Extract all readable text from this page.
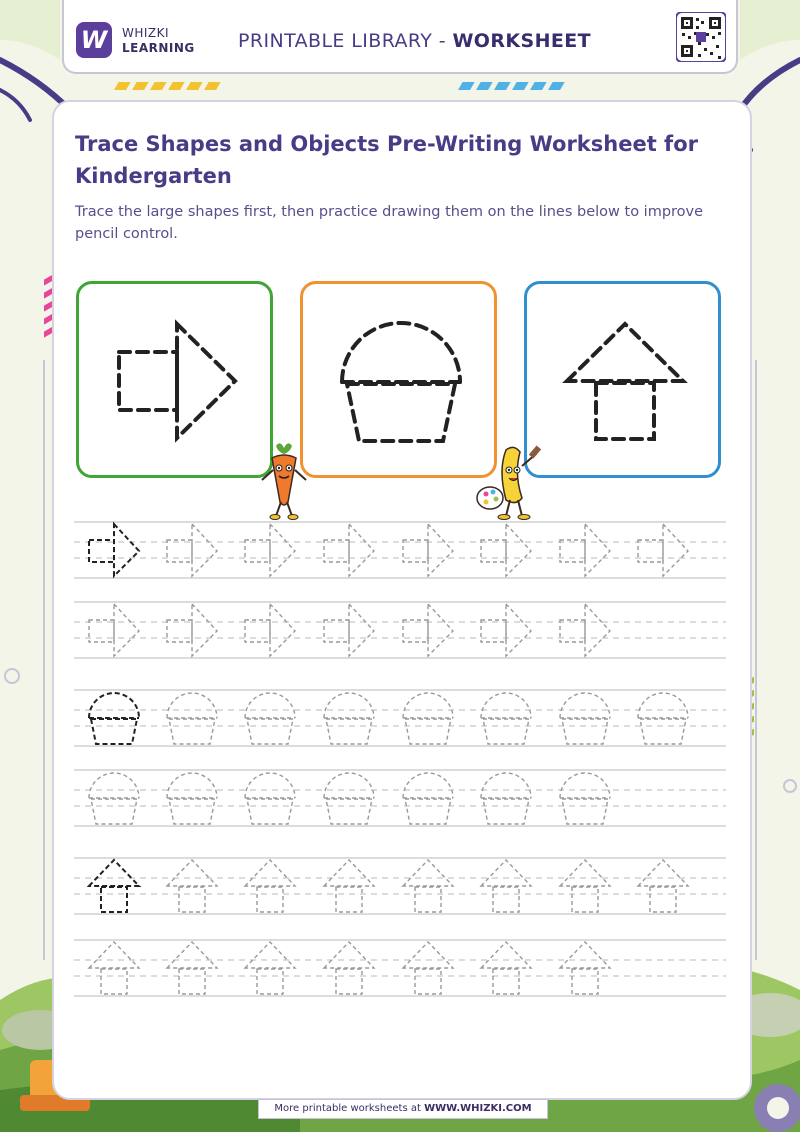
W	WHIZKI
LEARNING PRINTABLE LIBRARY - WORKSHEET
Trace Shapes and Objects Pre-Writing Worksheet for Kindergarten
Trace the large shapes first, then practice drawing them on the lines below to improve pencil control.
More printable worksheets at WWW.WHIZKI.COM
